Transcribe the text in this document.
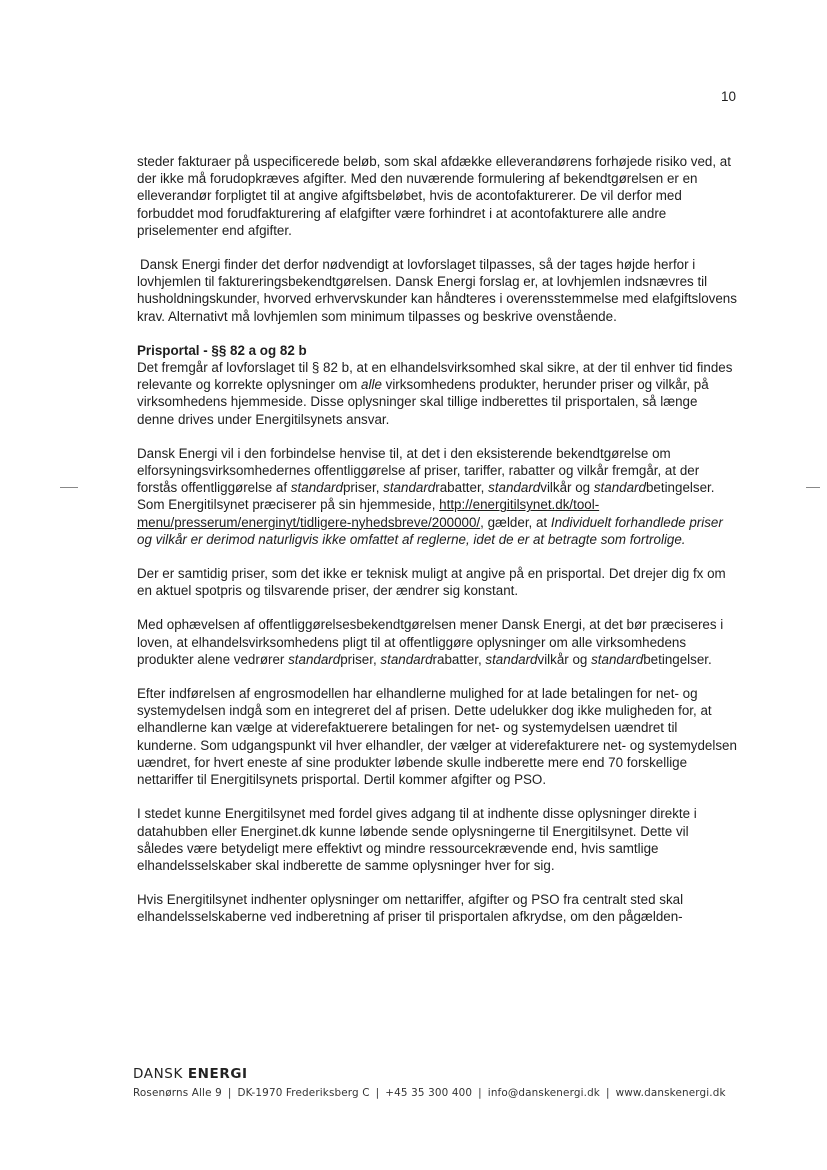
10

steder fakturaer på uspecificerede beløb, som skal afdække elleverandørens forhøjede risiko ved, at der ikke må forudopkræves afgifter. Med den nuværende formulering af bekendtgørelsen er en elleverandør forpligtet til at angive afgiftsbeløbet, hvis de acontofakturerer. De vil derfor med forbuddet mod forudfakturering af elafgifter være forhindret i at acontofakturere alle andre priselementer end afgifter.

Dansk Energi finder det derfor nødvendigt at lovforslaget tilpasses, så der tages højde herfor i lovhjemlen til faktureringsbekendtgørelsen. Dansk Energi forslag er, at lovhjemlen indsnævres til husholdningskunder, hvorved erhvervskunder kan håndteres i overensstemmelse med elafgiftslovens krav. Alternativt må lovhjemlen som minimum tilpasses og beskrive ovenstående.

Prisportal - §§ 82 a og 82 b

Det fremgår af lovforslaget til § 82 b, at en elhandelsvirksomhed skal sikre, at der til enhver tid findes relevante og korrekte oplysninger om alle virksomhedens produkter, herunder priser og vilkår, på virksomhedens hjemmeside. Disse oplysninger skal tillige indberettes til prisportalen, så længe denne drives under Energitilsynets ansvar.

Dansk Energi vil i den forbindelse henvise til, at det i den eksisterende bekendtgørelse om elforsyningsvirksomhedernes offentliggørelse af priser, tariffer, rabatter og vilkår fremgår, at der forstås offentliggørelse af standardpriser, standardrabatter, standardvilkår og standardbetingelser. Som Energitilsynet præciserer på sin hjemmeside, http://energitilsynet.dk/tool-menu/presserum/energinyt/tidligere-nyhedsbreve/200000/, gælder, at Individuelt forhandlede priser og vilkår er derimod naturligvis ikke omfattet af reglerne, idet de er at betragte som fortrolige.

Der er samtidig priser, som det ikke er teknisk muligt at angive på en prisportal. Det drejer dig fx om en aktuel spotpris og tilsvarende priser, der ændrer sig konstant.

Med ophævelsen af offentliggørelsesbekendtgørelsen mener Dansk Energi, at det bør præciseres i loven, at elhandelsvirksomhedens pligt til at offentliggøre oplysninger om alle virksomhedens produkter alene vedrører standardpriser, standardrabatter, standardvilkår og standardbetingelser.

Efter indførelsen af engrosmodellen har elhandlerne mulighed for at lade betalingen for net- og systemydelsen indgå som en integreret del af prisen. Dette udelukker dog ikke muligheden for, at elhandlerne kan vælge at viderefaktuerere betalingen for net- og systemydelsen uændret til kunderne. Som udgangspunkt vil hver elhandler, der vælger at viderefakturere net- og systemydelsen uændret, for hvert eneste af sine produkter løbende skulle indberette mere end 70 forskellige nettariffer til Energitilsynets prisportal. Dertil kommer afgifter og PSO.

I stedet kunne Energitilsynet med fordel gives adgang til at indhente disse oplysninger direkte i datahubben eller Energinet.dk kunne løbende sende oplysningerne til Energitilsynet. Dette vil således være betydeligt mere effektivt og mindre ressourcekrævende end, hvis samtlige elhandelsselskaber skal indberette de samme oplysninger hver for sig.

Hvis Energitilsynet indhenter oplysninger om nettariffer, afgifter og PSO fra centralt sted skal elhandelsselskaberne ved indberetning af priser til prisportalen afkrydse, om den pågælden-

DANSK ENERGI
Rosenørns Alle 9 | DK-1970 Frederiksberg C | +45 35 300 400 | info@danskenergi.dk | www.danskenergi.dk
